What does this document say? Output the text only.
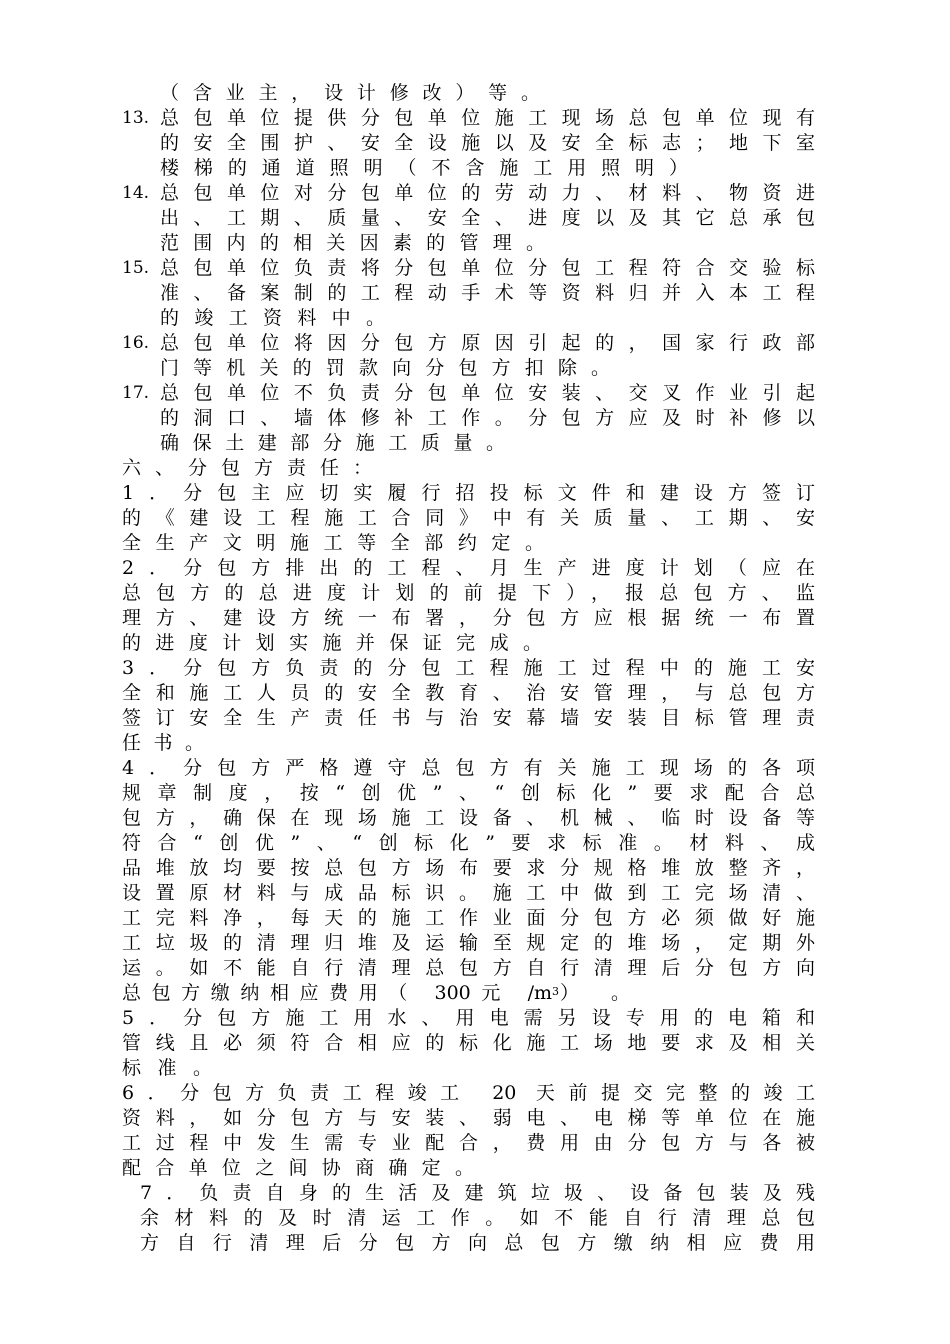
（含业主，设计修改）等。
13. 总包单位提供分包单位施工现场总包单位现有
的安全围护、安全设施以及安全标志；地下室
楼梯的通道照明（不含施工用照明）
14. 总包单位对分包单位的劳动力、材料、物资进
出、工期、质量、安全、进度以及其它总承包
范围内的相关因素的管理。
15. 总包单位负责将分包单位分包工程符合交验标
准、备案制的工程动手术等资料归并入本工程
的竣工资料中。
16. 总包单位将因分包方原因引起的，国家行政部
门等机关的罚款向分包方扣除。
17. 总包单位不负责分包单位安装、交叉作业引起
的洞口、墙体修补工作。分包方应及时补修以
确保土建部分施工质量。
六、分包方责任：
1．分包主应切实履行招投标文件和建设方签订
的《建设工程施工合同》中有关质量、工期、安
全生产文明施工等全部约定。
2．分包方排出的工程、月生产进度计划（应在
总包方的总进度计划的前提下），报总包方、监
理方、建设方统一布署，分包方应根据统一布置
的进度计划实施并保证完成。
3．分包方负责的分包工程施工过程中的施工安
全和施工人员的安全教育、治安管理，与总包方
签订安全生产责任书与治安幕墙安装目标管理责
任书。
4．分包方严格遵守总包方有关施工现场的各项
规章制度，按“创优”、“创标化”要求配合总
包方，确保在现场施工设备、机械、临时设备等
符合“创优”、“创标化”要求标准。材料、成
品堆放均要按总包方场布要求分规格堆放整齐，
设置原材料与成品标识。施工中做到工完场清、
工完料净，每天的施工作业面分包方必须做好施
工垃圾的清理归堆及运输至规定的堆场，定期外
运。如不能自行清理总包方自行清理后分包方向
总包方缴纳相应费用（ 300元 /m 3 ）。
5．分包方施工用水、用电需另设专用的电箱和
管线且必须符合相应的标化施工场地要求及相关
标准。
6．分包方负责工程竣工 20 天前提交完整的竣工
资料，如分包方与安装、弱电、电梯等单位在施
工过程中发生需专业配合，费用由分包方与各被
配合单位之间协商确定。
7．负责自身的生活及建筑垃圾、设备包装及残
余材料的及时清运工作。如不能自行清理总包
方自行清理后分包方向总包方缴纳相应费用
